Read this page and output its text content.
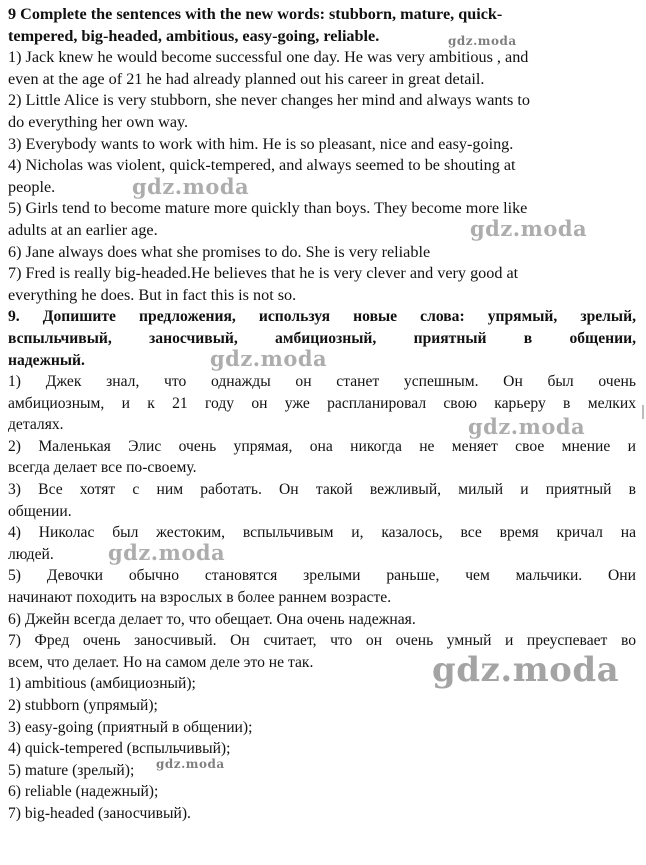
9 Complete the sentences with the new words: stubborn, mature, quick-
tempered, big-headed, ambitious, easy-going, reliable.
1) Jack knew he would become successful one day. He was very ambitious , and
even at the age of 21 he had already planned out his career in great detail.
2) Little Alice is very stubborn, she never changes her mind and always wants to
do everything her own way.
3) Everybody wants to work with him. He is so pleasant, nice and easy-going.
4) Nicholas was violent, quick-tempered, and always seemed to be shouting at
people.
5) Girls tend to become mature more quickly than boys. They become more like
adults at an earlier age.
6) Jane always does what she promises to do. She is very reliable
7) Fred is really big-headed.He believes that he is very clever and very good at
everything he does. But in fact this is not so.
9. Допишите предложения, используя новые слова: упрямый, зрелый,
вспыльчивый, заносчивый, амбициозный, приятный в общении,
надежный.
1) Джек знал, что однажды он станет успешным. Он был очень
амбициозным, и к 21 году он уже распланировал свою карьеру в мелких
деталях.
2) Маленькая Элис очень упрямая, она никогда не меняет свое мнение и
всегда делает все по-своему.
3) Все хотят с ним работать. Он такой вежливый, милый и приятный в
общении.
4) Николас был жестоким, вспыльчивым и, казалось, все время кричал на
людей.
5) Девочки обычно становятся зрелыми раньше, чем мальчики. Они
начинают походить на взрослых в более раннем возрасте.
6) Джейн всегда делает то, что обещает. Она очень надежная.
7) Фред очень заносчивый. Он считает, что он очень умный и преуспевает во
всем, что делает. Но на самом деле это не так.
1) ambitious (амбициозный);
2) stubborn (упрямый);
3) easy-going (приятный в общении);
4) quick-tempered (вспыльчивый);
5) mature (зрелый);
6) reliable (надежный);
7) big-headed (заносчивый).
gdz.moda
gdz.moda
gdz.moda
gdz.moda
gdz.moda
gdz.moda
gdz.moda
gdz.moda
